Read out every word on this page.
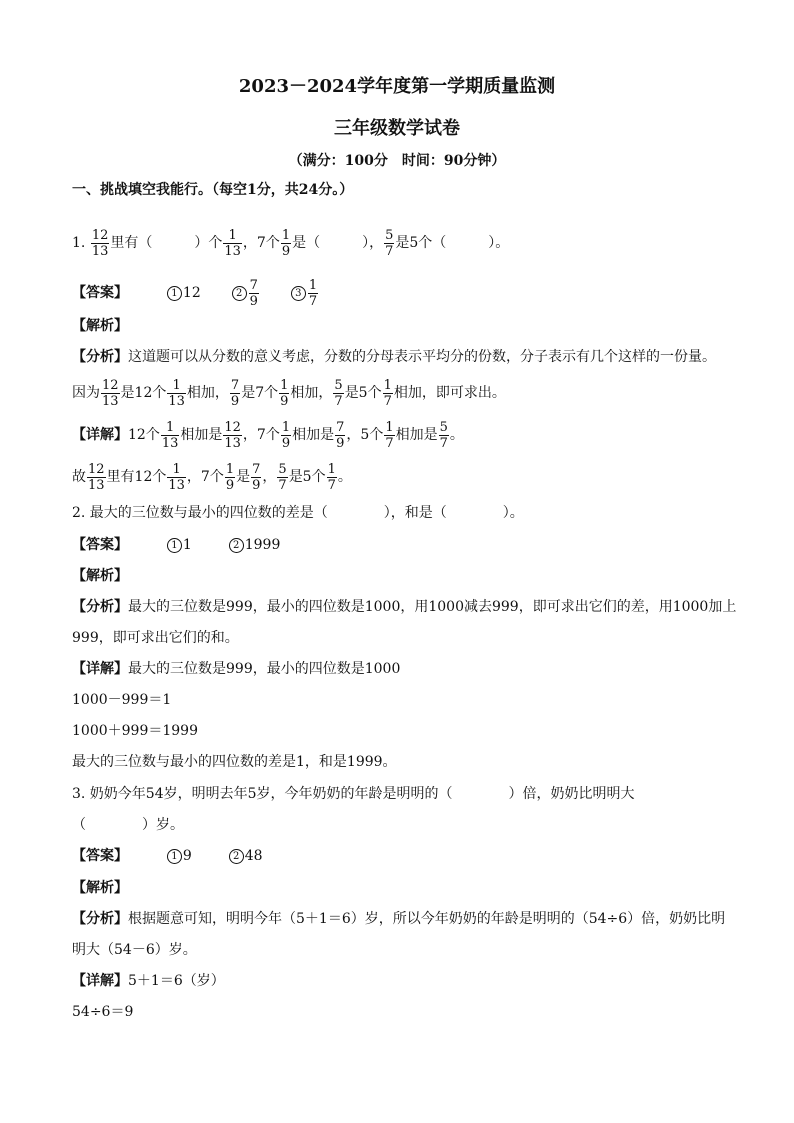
2023－2024学年度第一学期质量监测
三年级数学试卷
（满分：100分　时间：90分钟）
一、挑战填空我能行。（每空1分，共24分。）
1. $\frac{12}{13}$ 里有（　　　）个 $\frac{1}{13}$ ，7个 $\frac{1}{9}$ 是（　　　）， $\frac{5}{7}$ 是5个（　　　）。
【答案】	1 12	$2 \frac{7}{9}$	$3 \frac{1}{7}$
【解析】
【分析】这道题可以从分数的意义考虑，分数的分母表示平均分的份数，分子表示有几个这样的一份量。
因为 $\frac{12}{13}$ 是12个 $\frac{1}{13}$ 相加， $\frac{7}{9}$ 是7个 $\frac{1}{9}$ 相加， $\frac{5}{7}$ 是5个 $\frac{1}{7}$ 相加，即可求出。
【详解】12个 $\frac{1}{13}$ 相加是 $\frac{12}{13}$ ，7个 $\frac{1}{9}$ 相加是 $\frac{7}{9}$ ，5个 $\frac{1}{7}$ 相加是 $\frac{5}{7}$ 。
故 $\frac{12}{13}$ 里有12个 $\frac{1}{13}$ ，7个 $\frac{1}{9}$ 是 $\frac{7}{9}$ ， $\frac{5}{7}$ 是5个 $\frac{1}{7}$ 。
2. 最大的三位数与最小的四位数的差是（　　　　），和是（　　　　）。
【答案】	1 1	2 1999
【解析】
【分析】最大的三位数是999，最小的四位数是1000，用1000减去999，即可求出它们的差，用1000加上
999，即可求出它们的和。
【详解】最大的三位数是999，最小的四位数是1000
1000－999＝1
1000＋999＝1999
最大的三位数与最小的四位数的差是1，和是1999。
3. 奶奶今年54岁，明明去年5岁，今年奶奶的年龄是明明的（　　　　）倍，奶奶比明明大
（　　　　）岁。
【答案】	1 9	2 48
【解析】
【分析】根据题意可知，明明今年（5＋1＝6）岁，所以今年奶奶的年龄是明明的（54÷6）倍，奶奶比明
明大（54－6）岁。
【详解】5＋1＝6（岁）
54÷6＝9
